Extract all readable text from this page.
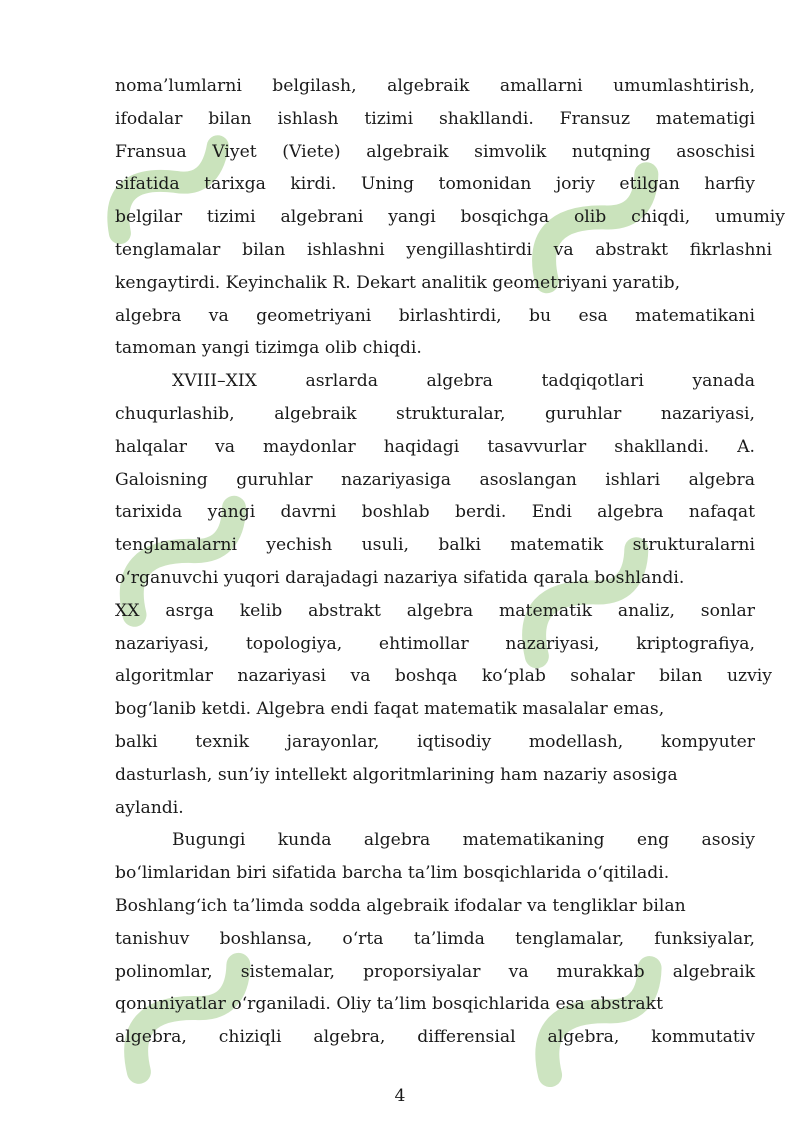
noma’lumlarni belgilash, algebraik amallarni umumlashtirish,
ifodalar bilan ishlash tizimi shakllandi. Fransuz matematigi
Fransua Viyet (Viete) algebraik simvolik nutqning asoschisi
sifatida tarixga kirdi. Uning tomonidan joriy etilgan harfiy
belgilar tizimi algebrani yangi bosqichga olib chiqdi, umumiy
tenglamalar bilan ishlashni yengillashtirdi va abstrakt fikrlashni
kengaytirdi. Keyinchalik R. Dekart analitik geometriyani yaratib,
algebra va geometriyani birlashtirdi, bu esa matematikani
tamoman yangi tizimga olib chiqdi.
XVIII–XIX asrlarda algebra tadqiqotlari yanada
chuqurlashib, algebraik strukturalar, guruhlar nazariyasi,
halqalar va maydonlar haqidagi tasavvurlar shakllandi. A.
Galoisning guruhlar nazariyasiga asoslangan ishlari algebra
tarixida yangi davrni boshlab berdi. Endi algebra nafaqat
tenglamalarni yechish usuli, balki matematik strukturalarni
o‘rganuvchi yuqori darajadagi nazariya sifatida qarala boshlandi.
XX asrga kelib abstrakt algebra matematik analiz, sonlar
nazariyasi, topologiya, ehtimollar nazariyasi, kriptografiya,
algoritmlar nazariyasi va boshqa ko‘plab sohalar bilan uzviy
bog‘lanib ketdi. Algebra endi faqat matematik masalalar emas,
balki texnik jarayonlar, iqtisodiy modellash, kompyuter
dasturlash, sun’iy intellekt algoritmlarining ham nazariy asosiga
aylandi.
Bugungi kunda algebra matematikaning eng asosiy
bo‘limlaridan biri sifatida barcha ta’lim bosqichlarida o‘qitiladi.
Boshlang‘ich ta’limda sodda algebraik ifodalar va tengliklar bilan
tanishuv boshlansa, o‘rta ta’limda tenglamalar, funksiyalar,
polinomlar, sistemalar, proporsiyalar va murakkab algebraik
qonuniyatlar o‘rganiladi. Oliy ta’lim bosqichlarida esa abstrakt
algebra, chiziqli algebra, differensial algebra, kommutativ
4
